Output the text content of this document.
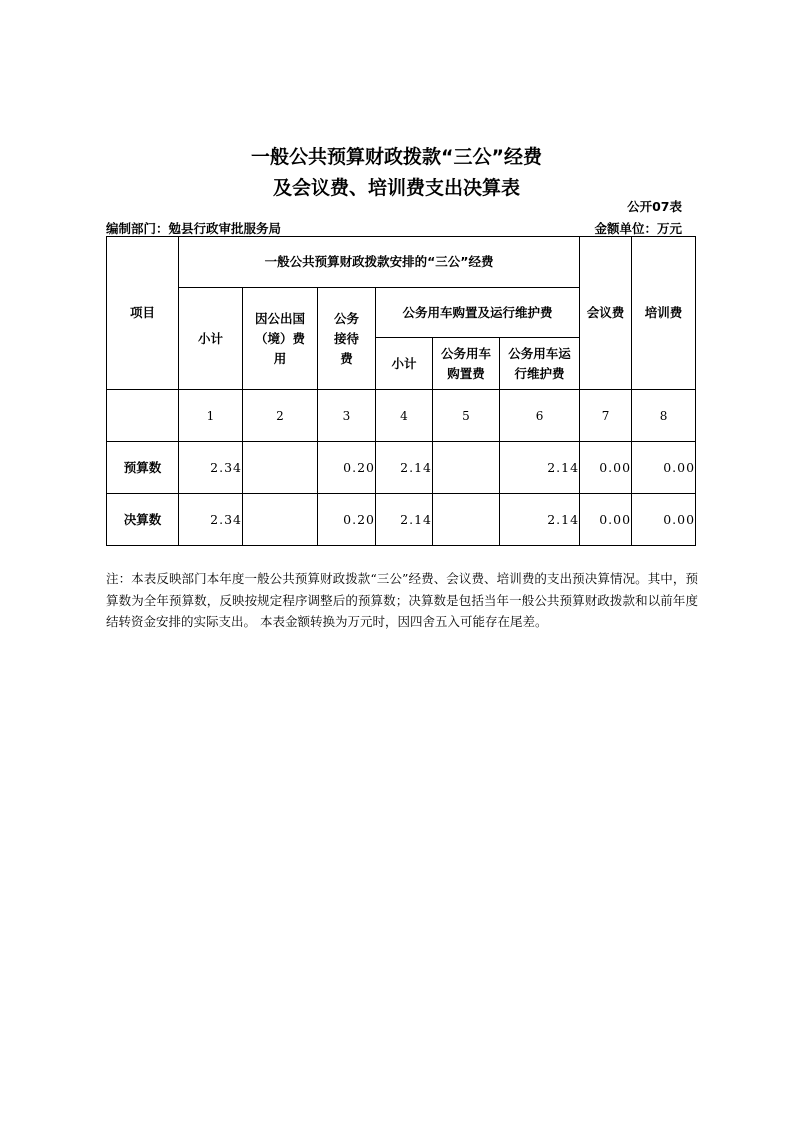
一般公共预算财政拨款“三公”经费
及会议费、培训费支出决算表
公开07表
编制部门：勉县行政审批服务局	金额单位：万元
项目	一般公共预算财政拨款安排的“三公”经费						会议费	培训费
	小计	因公出国（境）费用	公务接待费	公务用车购置及运行维护费				
				小计	公务用车购置费	公务用车运行维护费		

	1	2	3	4	5	6	7	8
预算数	2.34		0.20	2.14		2.14	0.00	0.00
决算数	2.34		0.20	2.14		2.14	0.00	0.00
注：本表反映部门本年度一般公共预算财政拨款“三公”经费、会议费、培训费的支出预决算情况。其中，预算数为全年预算数，反映按规定程序调整后的预算数；决算数是包括当年一般公共预算财政拨款和以前年度结转资金安排的实际支出。 本表金额转换为万元时，因四舍五入可能存在尾差。
